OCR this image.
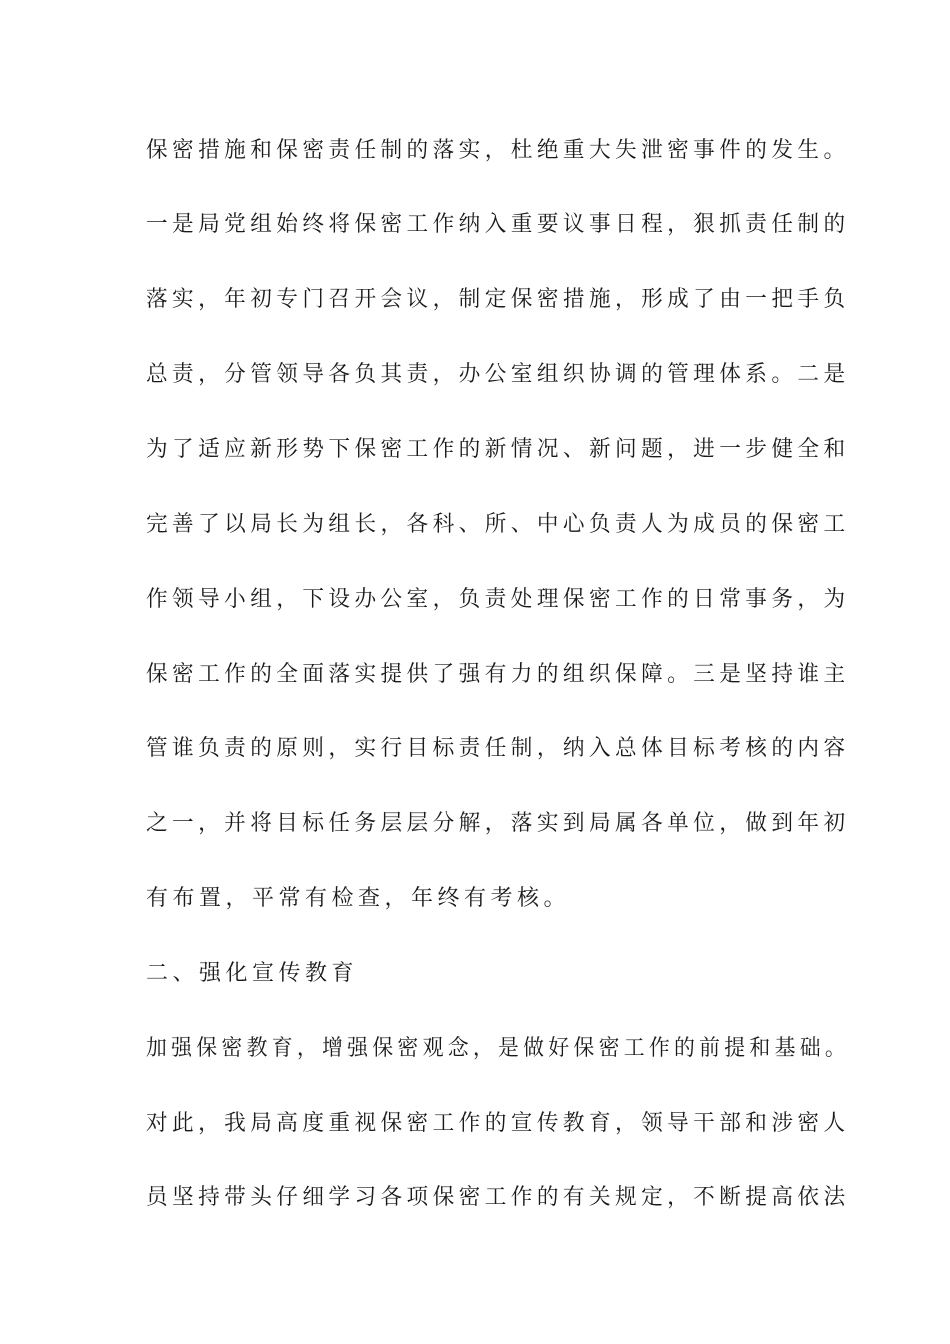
保密措施和保密责任制的落实，杜绝重大失泄密事件的发生。
一是局党组始终将保密工作纳入重要议事日程，狠抓责任制的
落实，年初专门召开会议，制定保密措施，形成了由一把手负
总责，分管领导各负其责，办公室组织协调的管理体系。二是
为了适应新形势下保密工作的新情况、新问题，进一步健全和
完善了以局长为组长，各科、所、中心负责人为成员的保密工
作领导小组，下设办公室，负责处理保密工作的日常事务，为
保密工作的全面落实提供了强有力的组织保障。三是坚持谁主
管谁负责的原则，实行目标责任制，纳入总体目标考核的内容
之一，并将目标任务层层分解，落实到局属各单位，做到年初
有布置，平常有检查，年终有考核。
二、强化宣传教育
加强保密教育，增强保密观念，是做好保密工作的前提和基础。
对此，我局高度重视保密工作的宣传教育，领导干部和涉密人
员坚持带头仔细学习各项保密工作的有关规定，不断提高依法
